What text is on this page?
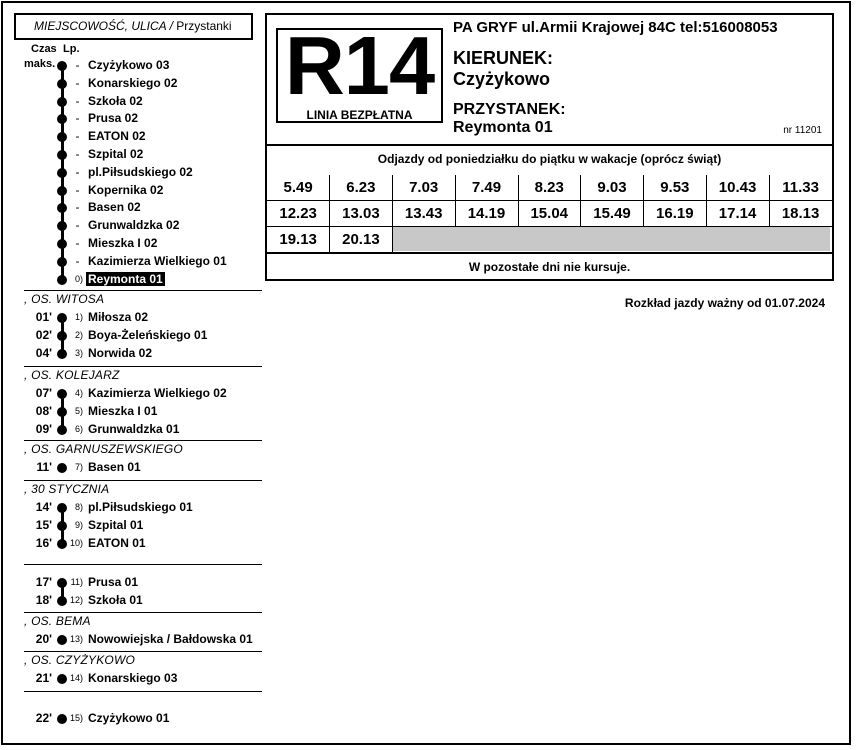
MIEJSCOWOŚĆ, ULICA / Przystanki
Czas
maks.
Lp.
- Czyżykowo 03
- Konarskiego 02
- Szkoła 02
- Prusa 02
- EATON 02
- Szpital 02
- pl.Piłsudskiego 02
- Kopernika 02
- Basen 02
- Grunwaldzka 02
- Mieszka I 02
- Kazimierza Wielkiego 01
0) Reymonta 01
, OS. WITOSA
01'	1) Miłosza 02
02'	2) Boya-Żeleńskiego 01
04'	3) Norwida 02
, OS. KOLEJARZ
07'	4) Kazimierza Wielkiego 02
08'	5) Mieszka I 01
09'	6) Grunwaldzka 01
, OS. GARNUSZEWSKIEGO
11'	7) Basen 01
, 30 STYCZNIA
14'	8) pl.Piłsudskiego 01
15'	9) Szpital 01
16'	10) EATON 01
17'	11) Prusa 01
18'	12) Szkoła 01
, OS. BEMA
20'	13) Nowowiejska / Bałdowska 01
, OS. CZYŻYKOWO
21'	14) Konarskiego 03
22'	15) Czyżykowo 01
R14
LINIA BEZPŁATNA
PA GRYF ul.Armii Krajowej 84C tel:516008053
KIERUNEK:
Czyżykowo
PRZYSTANEK:
Reymonta 01	nr 11201
Odjazdy od poniedziałku do piątku w wakacje (oprócz świąt)
5.49	6.23	7.03	7.49	8.23	9.03	9.53	10.43	11.33
12.23	13.03	13.43	14.19	15.04	15.49	16.19	17.14	18.13
19.13	20.13
W pozostałe dni nie kursuje.
Rozkład jazdy ważny od 01.07.2024
